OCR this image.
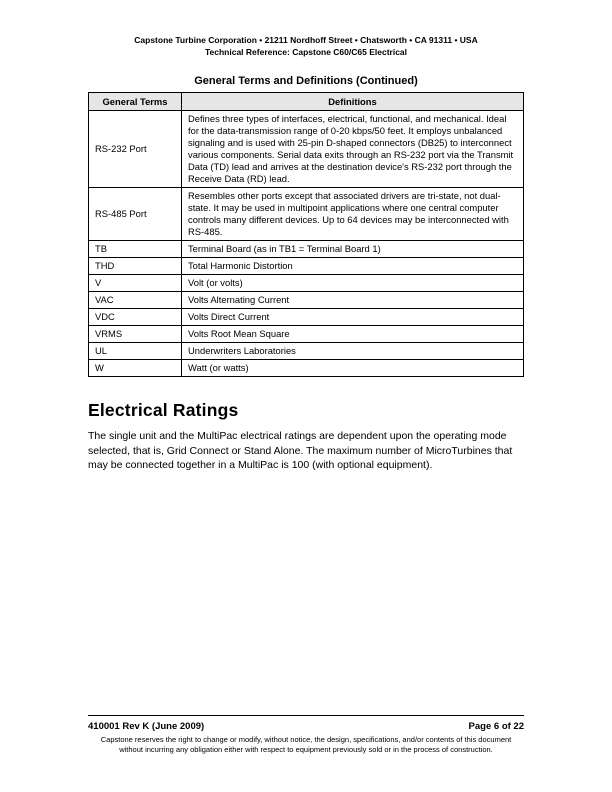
Capstone Turbine Corporation • 21211 Nordhoff Street • Chatsworth • CA 91311 • USA
Technical Reference: Capstone C60/C65 Electrical
General Terms and Definitions (Continued)
General Terms	Definitions
RS-232 Port	Defines three types of interfaces, electrical, functional, and mechanical. Ideal for the data-transmission range of 0-20 kbps/50 feet. It employs unbalanced signaling and is used with 25-pin D-shaped connectors (DB25) to interconnect various components. Serial data exits through an RS-232 port via the Transmit Data (TD) lead and arrives at the destination device's RS-232 port through the Receive Data (RD) lead.
RS-485 Port	Resembles other ports except that associated drivers are tri-state, not dual-state. It may be used in multipoint applications where one central computer controls many different devices. Up to 64 devices may be interconnected with RS-485.
TB	Terminal Board (as in TB1 = Terminal Board 1)
THD	Total Harmonic Distortion
V	Volt (or volts)
VAC	Volts Alternating Current
VDC	Volts Direct Current
VRMS	Volts Root Mean Square
UL	Underwriters Laboratories
W	Watt (or watts)
Electrical Ratings

The single unit and the MultiPac electrical ratings are dependent upon the operating mode selected, that is, Grid Connect or Stand Alone. The maximum number of MicroTurbines that may be connected together in a MultiPac is 100 (with optional equipment).

410001 Rev K (June 2009)	Page 6 of 22
Capstone reserves the right to change or modify, without notice, the design, specifications, and/or contents of this document without incurring any obligation either with respect to equipment previously sold or in the process of construction.
